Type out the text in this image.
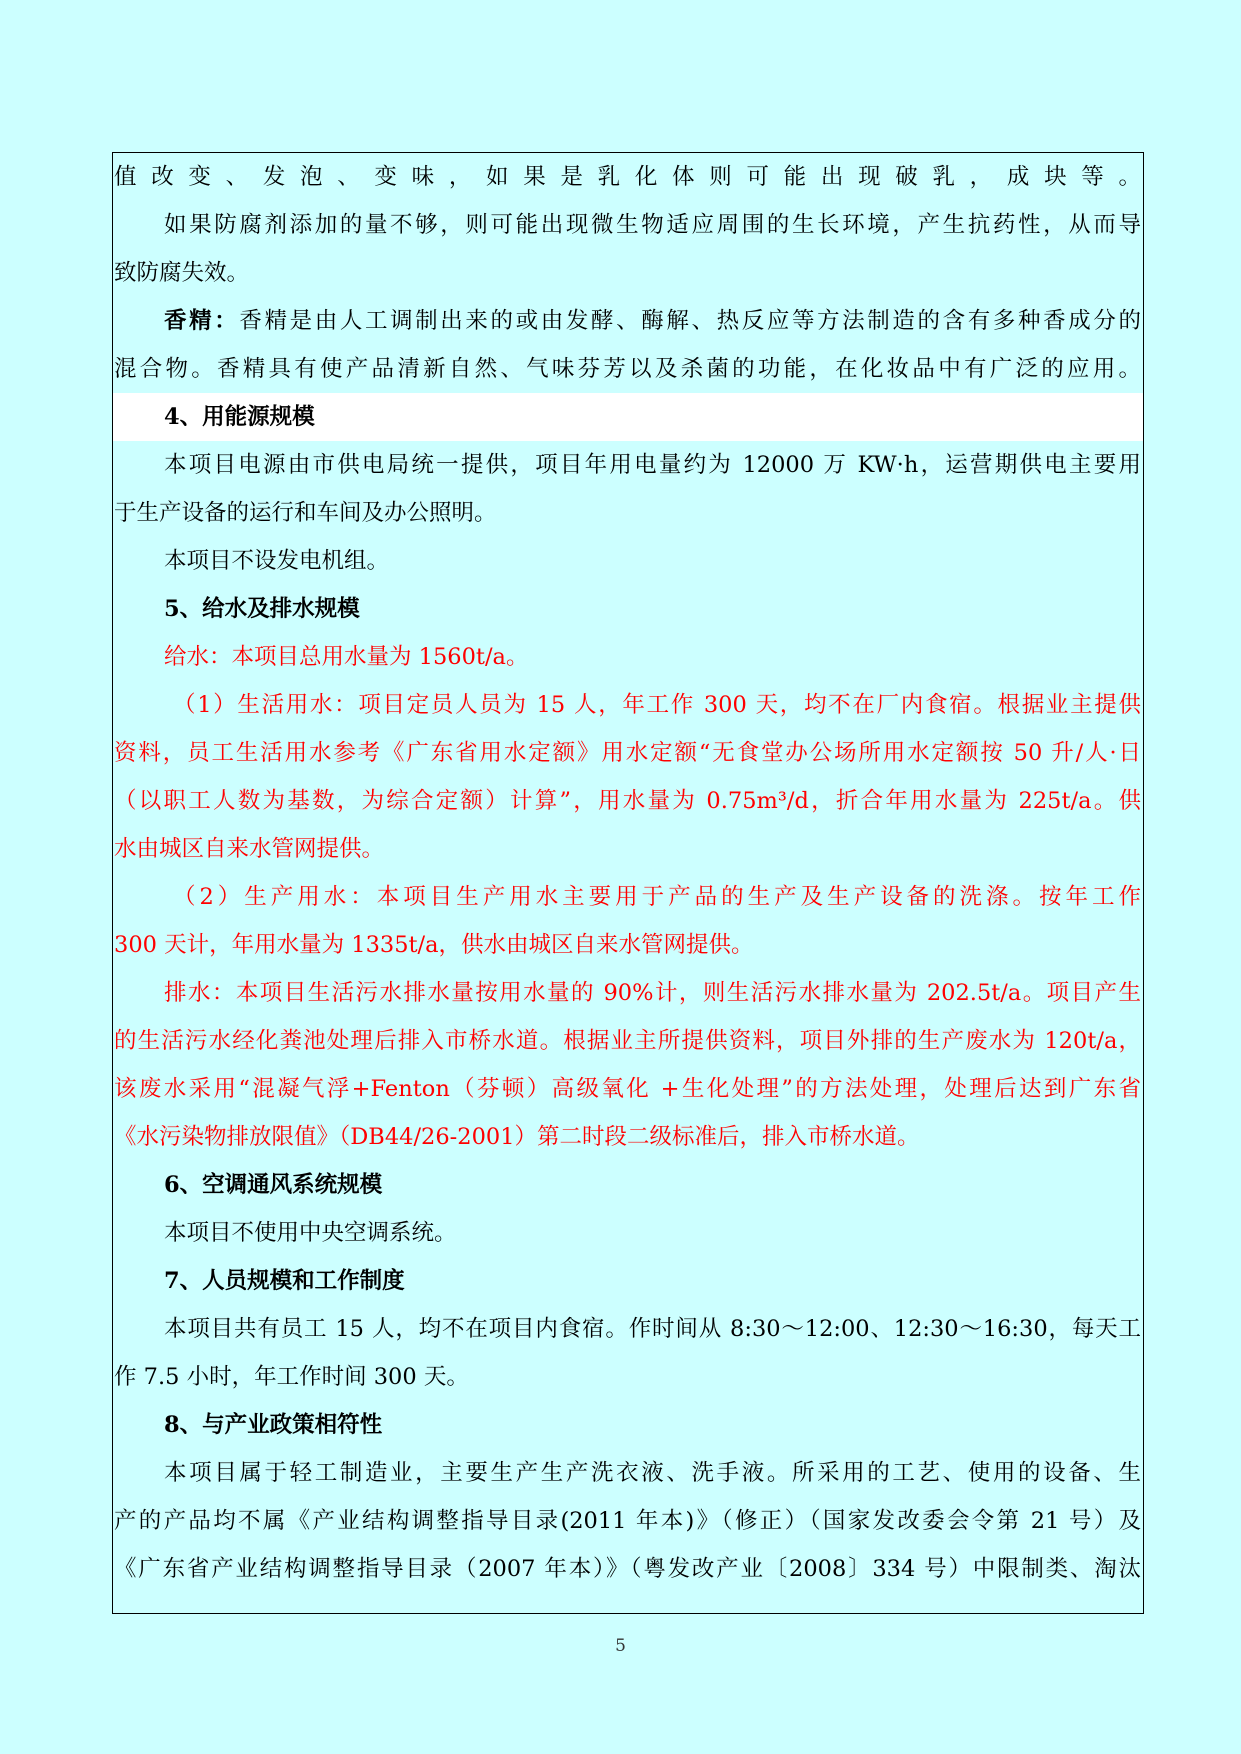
值改变、发泡、变味，如果是乳化体则可能出现破乳，成块等。
如果防腐剂添加的量不够，则可能出现微生物适应周围的生长环境，产生抗药性，从而导
致防腐失效。
香精：香精是由人工调制出来的或由发酵、酶解、热反应等方法制造的含有多种香成分的
混合物。香精具有使产品清新自然、气味芬芳以及杀菌的功能，在化妆品中有广泛的应用。
4、用能源规模
本项目电源由市供电局统一提供，项目年用电量约为 12000 万 KW·h，运营期供电主要用
于生产设备的运行和车间及办公照明。
本项目不设发电机组。
5、给水及排水规模
给水：本项目总用水量为 1560t/a。
（1）生活用水：项目定员人员为 15 人，年工作 300 天，均不在厂内食宿。根据业主提供
资料，员工生活用水参考《广东省用水定额》用水定额“无食堂办公场所用水定额按 50 升/人·日
（以职工人数为基数，为综合定额）计算”，用水量为 0.75m³/d，折合年用水量为 225t/a。供
水由城区自来水管网提供。
（2）生产用水：本项目生产用水主要用于产品的生产及生产设备的洗涤。按年工作
300 天计，年用水量为 1335t/a，供水由城区自来水管网提供。
排水：本项目生活污水排水量按用水量的 90%计，则生活污水排水量为 202.5t/a。项目产生
的生活污水经化粪池处理后排入市桥水道。根据业主所提供资料，项目外排的生产废水为 120t/a，
该废水采用“混凝气浮+Fenton（芬顿）高级氧化 +生化处理”的方法处理，处理后达到广东省
《水污染物排放限值》（DB44/26-2001）第二时段二级标准后，排入市桥水道。
6、空调通风系统规模
本项目不使用中央空调系统。
7、人员规模和工作制度
本项目共有员工 15 人，均不在项目内食宿。作时间从 8:30～12:00、12:30～16:30，每天工
作 7.5 小时，年工作时间 300 天。
8、与产业政策相符性
本项目属于轻工制造业，主要生产生产洗衣液、洗手液。所采用的工艺、使用的设备、生
产的产品均不属《产业结构调整指导目录(2011 年本)》（修正）（国家发改委会令第 21 号）及
《广东省产业结构调整指导目录（2007 年本）》（粤发改产业〔2008〕334 号）中限制类、淘汰
5
